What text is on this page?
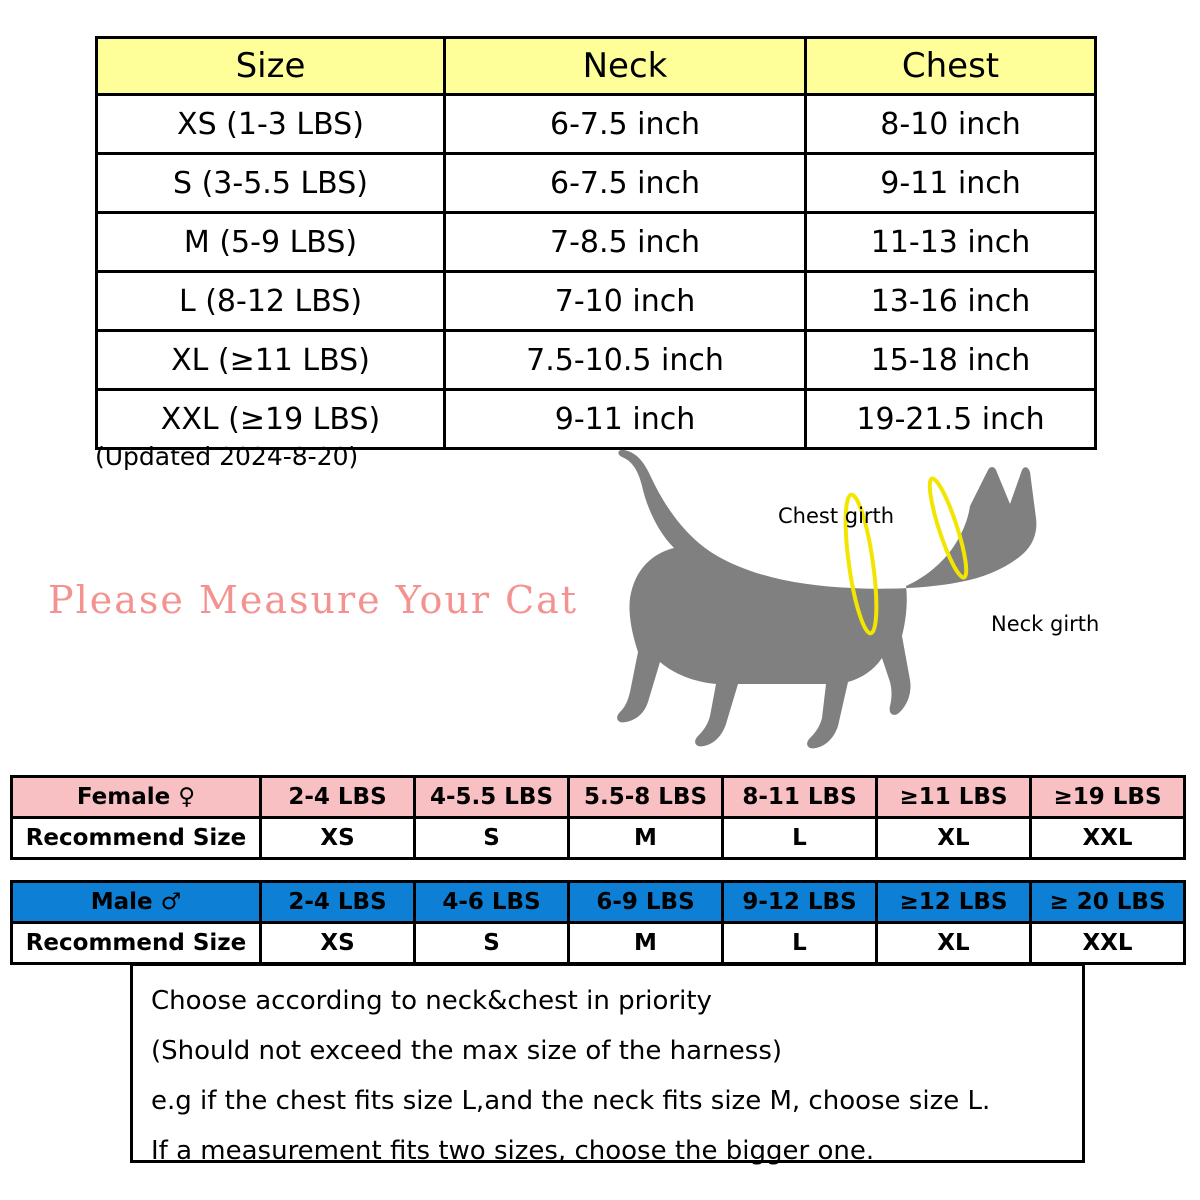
Size	Neck	Chest
XS (1-3 LBS)	6-7.5 inch	8-10 inch
S (3-5.5 LBS)	6-7.5 inch	9-11 inch
M (5-9 LBS)	7-8.5 inch	11-13 inch
L (8-12 LBS)	7-10 inch	13-16 inch
XL (≥11 LBS)	7.5-10.5 inch	15-18 inch
XXL (≥19 LBS)	9-11 inch	19-21.5 inch
(Updated 2024-8-20)
Please Measure Your Cat
Chest girth
Neck girth
Female ♀	2-4 LBS	4-5.5 LBS	5.5-8 LBS	8-11 LBS	≥11 LBS	≥19 LBS
Recommend Size	XS	S	M	L	XL	XXL
Male ♂	2-4 LBS	4-6 LBS	6-9 LBS	9-12 LBS	≥12 LBS	≥ 20 LBS
Recommend Size	XS	S	M	L	XL	XXL

Choose according to neck&chest in priority

(Should not exceed the max size of the harness)

e.g if the chest fits size L,and the neck fits size M, choose size L.

If a measurement fits two sizes, choose the bigger one.
